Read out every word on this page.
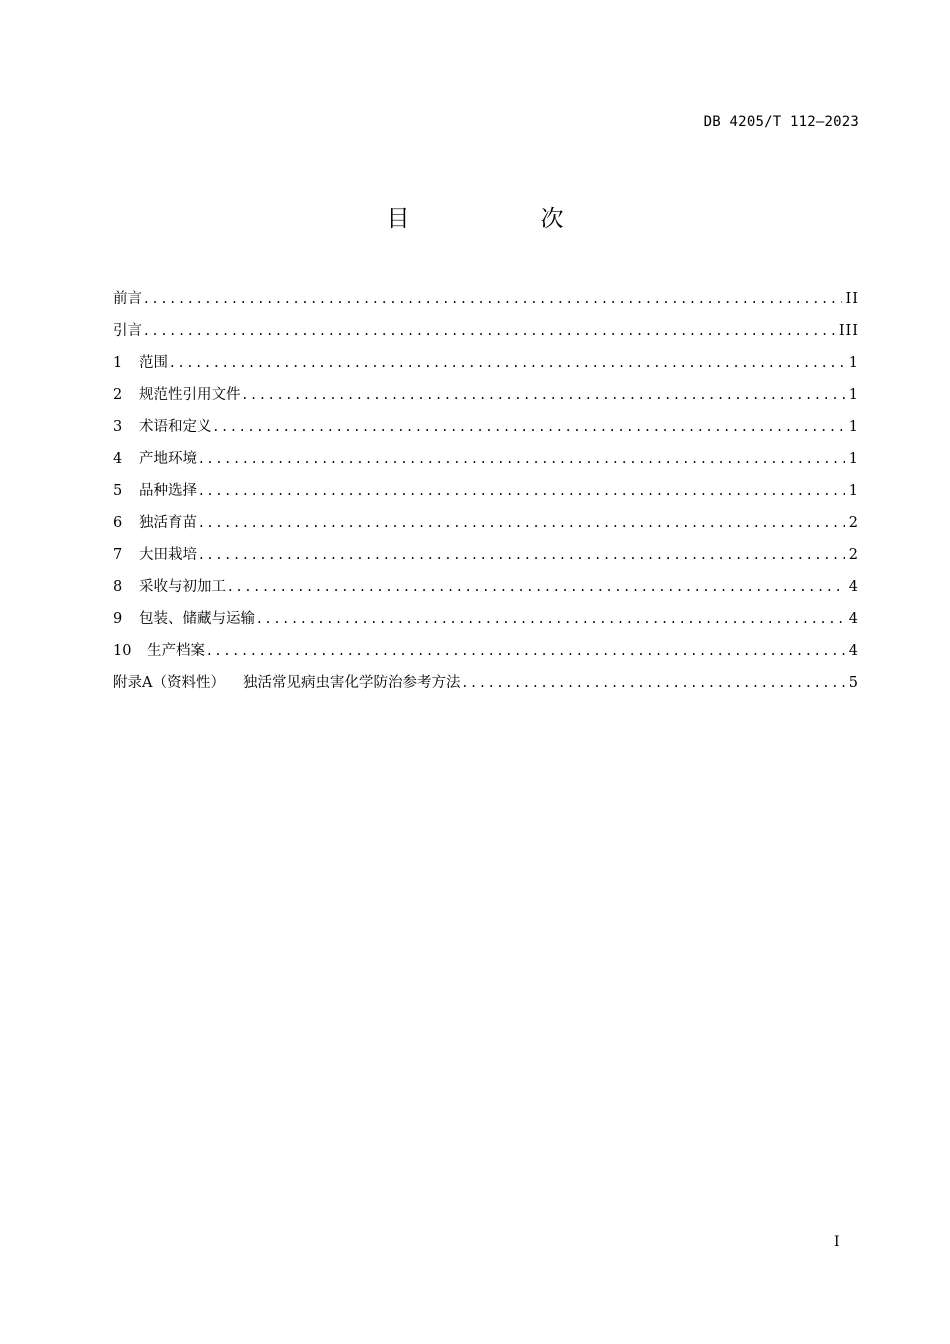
DB 4205/T 112—2023
目　次
前言 .....	II
引言 .....	III
1	范围 .....	1
2	规范性引用文件 .....	1
3	术语和定义 .....	1
4	产地环境 .....	1
5	品种选择 .....	1
6	独活育苗 .....	2
7	大田栽培 .....	2
8	采收与初加工 .....	4
9	包装、储藏与运输 .....	4
10	生产档案 .....	4
附录A（资料性） 独活常见病虫害化学防治参考方法 .....	5
I
